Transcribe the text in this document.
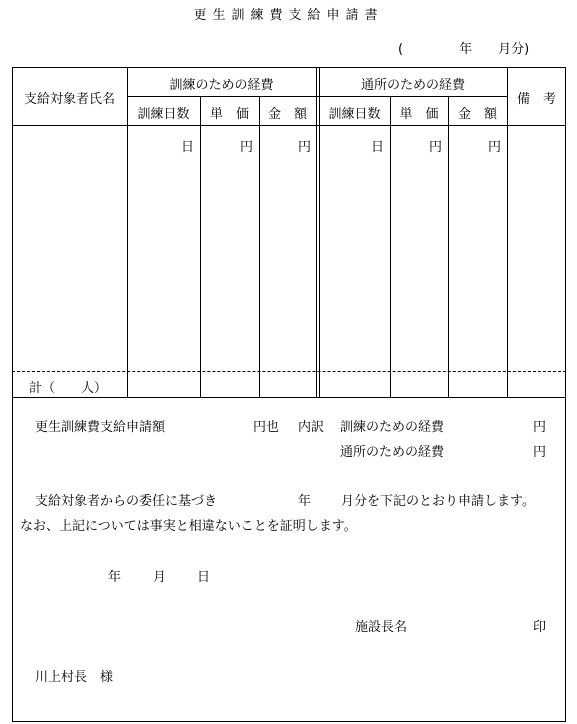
更生訓練費支給申請書
(	年 月分)
支給対象者氏名
訓練のための経費	通所のための経費
備　考
訓練日数	単　価	金　額	訓練日数	単　価	金　額
日	円	円	日	円	円
計（　　人）
更生訓練費支給申請額	円也 内訳 訓練のための経費	円
通所のための経費	円
支給対象者からの委任に基づき	年 月分を下記のとおり申請します。
なお、上記については事実と相違ないことを証明します。
年 月 日
施設長名	印
川上村長　様
